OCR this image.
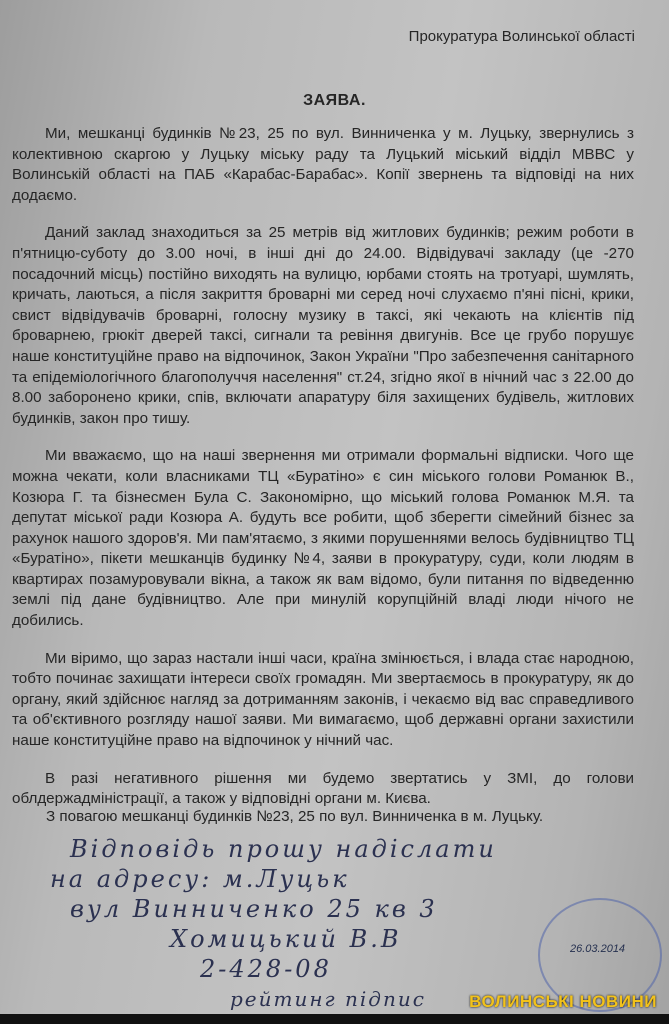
Прокуратура Волинської області
ЗАЯВА.

Ми, мешканці будинків №23, 25 по вул. Винниченка у м. Луцьку, звернулись з колективною скаргою у Луцьку міську раду та Луцький міський відділ МВВС у Волинській області на ПАБ «Карабас-Барабас». Копії звернень та відповіді на них додаємо.

Даний заклад знаходиться за 25 метрів від житлових будинків; режим роботи в п'ятницю-суботу до 3.00 ночі, в інші дні до 24.00. Відвідувачі закладу (це -270 посадочний місць) постійно виходять на вулицю, юрбами стоять на тротуарі, шумлять, кричать, лаються, а після закриття броварні ми серед ночі слухаємо п'яні пісні, крики, свист відвідувачів броварні, голосну музику в таксі, які чекають на клієнтів під броварнею, грюкіт дверей таксі, сигнали та ревіння двигунів. Все це грубо порушує наше конституційне право на відпочинок, Закон України "Про забезпечення санітарного та епідеміологічного благополуччя населення" ст.24, згідно якої в нічний час з 22.00 до 8.00 заборонено крики, спів, включати апаратуру біля захищених будівель, житлових будинків, закон про тишу.

Ми вважаємо, що на наші звернення ми отримали формальні відписки. Чого ще можна чекати, коли власниками ТЦ «Буратіно» є син міського голови Романюк В., Козюра Г. та бізнесмен Була С. Закономірно, що міський голова Романюк М.Я. та депутат міської ради Козюра А. будуть все робити, щоб зберегти сімейний бізнес за рахунок нашого здоров'я. Ми пам'ятаємо, з якими порушеннями велось будівництво ТЦ «Буратіно», пікети мешканців будинку №4, заяви в прокуратуру, суди, коли людям в квартирах позамуровували вікна, а також як вам відомо, були питання по відведенню землі під дане будівництво. Але при минулій корупційній владі люди нічого не добились.

Ми віримо, що зараз настали інші часи, країна змінюється, і влада стає народною, тобто починає захищати інтереси своїх громадян. Ми звертаємось в прокуратуру, як до органу, який здійснює нагляд за дотриманням законів, і чекаємо від вас справедливого та об'єктивного розгляду нашої заяви. Ми вимагаємо, щоб державні органи захистили наше конституційне право на відпочинок у нічний час.

В разі негативного рішення ми будемо звертатись у ЗМІ, до голови облдержадміністрації, а також у відповідні органи м. Києва.

З повагою мешканці будинків №23, 25 по вул. Винниченка в м. Луцьку.
26.03.2014
Відповідь прошу надіслати
на адресу: м.Луцьк
вул Винниченко 25 кв 3
Хомицький В.В
2-428-08
рейтинг підпис	ВОЛИНСЬКІ НОВИНИ
